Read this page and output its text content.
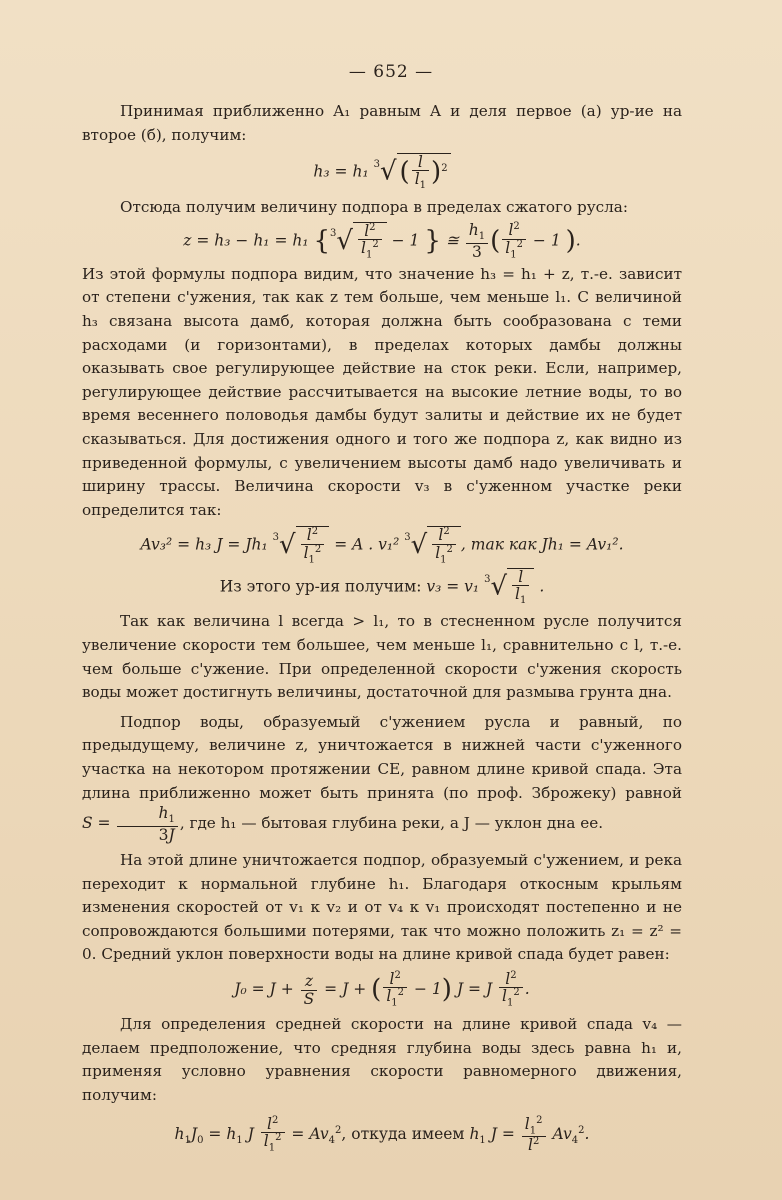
— 652 —

Принимая приближенно A₁ равным A и деля первое (а) ур-ие на второе (б), получим:

h₃ = h₁ $^3$√ ( $\frac{l}{l_1} )^2$

Отсюда получим величину подпора в пределах сжатого русла:

z = h₃ − h₁ = h₁ {$^3√ \frac{l^2}{l_1^2} - 1$ } ≅ $\frac{h_1}{3}$ ( $\frac{l^2}{l_1^2} - 1$ ).

Из этой формулы подпора видим, что значение h₃ = h₁ + z, т.-е. зависит от степени с'ужения, так как z тем больше, чем меньше l₁. С величиной h₃ связана высота дамб, которая должна быть сообразована с теми расходами (и горизонтами), в пределах которых дамбы должны оказывать свое регулирующее действие на сток реки. Если, например, регулирующее действие рассчитывается на высокие летние воды, то во время весеннего половодья дамбы будут залиты и действие их не будет сказываться. Для достижения одного и того же подпора z, как видно из приведенной формулы, с увеличением высоты дамб надо увеличивать и ширину трассы. Величина скорости v₃ в с'уженном участке реки определится так:

Av₃² = h₃ J = Jh₁ $^3√ \frac{l^2}{l_1^2} = A$ . v₁² $^3√ \frac{l^2}{l_1^2}$ , так как Jh₁ = Av₁².
Из этого ур-ия получим: v₃ = v₁ $^3√ \frac{l}{l_1}$ .

Так как величина l всегда > l₁, то в стесненном русле получится увеличение скорости тем большее, чем меньше l₁, сравнительно с l, т.-е. чем больше с'ужение. При определенной скорости с'ужения скорость воды может достигнуть величины, достаточной для размыва грунта дна.

Подпор воды, образуемый с'ужением русла и равный, по предыдущему, величине z, уничтожается в нижней части с'уженного участка на некотором протяжении CE, равном длине кривой спада. Эта длина приближенно может быть принята (по проф. Зброжеку) равной $S = \frac{h_1}{3J}$ , где h₁ — бытовая глубина реки, а J — уклон дна ее.

На этой длине уничтожается подпор, образуемый с'ужением, и река переходит к нормальной глубине h₁. Благодаря откосным крыльям изменения скоростей от v₁ к v₂ и от v₄ к v₁ происходят постепенно и не сопровождаются большими потерями, так что можно положить z₁ = z² = 0. Средний уклон поверхности воды на длине кривой спада будет равен:

$J_0 = J + \frac{z}{S} = J$ + ( $\frac{l^2}{l_1^2} - 1$) J = J $\frac{l^2}{l_1^2}$ .

Для определения средней скорости на длине кривой спада v₄ — делаем предположение, что средняя глубина воды здесь равна h₁ и, применяя условно уравнения скорости равномерного движения, получим:

$h_1J_0 = h_1$ J $\frac{l^2}{l_1^2} = Av_4^2$, откуда имеем $h_1$ $J = \frac{l_1^2}{l^2} Av_4^2$.
